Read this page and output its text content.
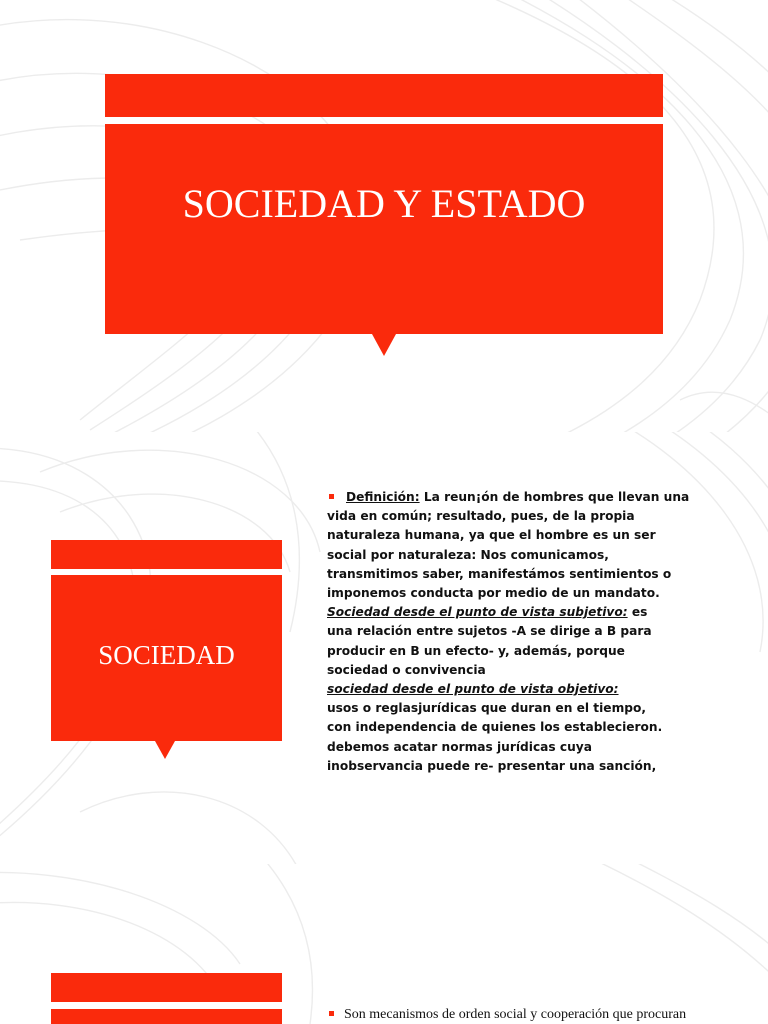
SOCIEDAD Y ESTADO
SOCIEDAD
Definición: La reun¡ón de hombres que llevan una
vida en común; resultado, pues, de la propia
naturaleza humana, ya que el hombre es un ser
social por naturaleza: Nos comunicamos,
transmitimos saber, manifestámos sentimientos o
imponemos conducta por medio de un mandato.
Sociedad desde el punto de vista subjetivo: es
una relación entre sujetos -A se dirige a B para
producir en B un efecto- y, además, porque
sociedad o convivencia
sociedad desde el punto de vista objetivo:
usos o reglasjurídicas que duran en el tiempo,
con independencia de quienes los establecieron.
debemos acatar normas jurídicas cuya
inobservancia puede re- presentar una sanción,
Son mecanismos de orden social y cooperación que procuran
